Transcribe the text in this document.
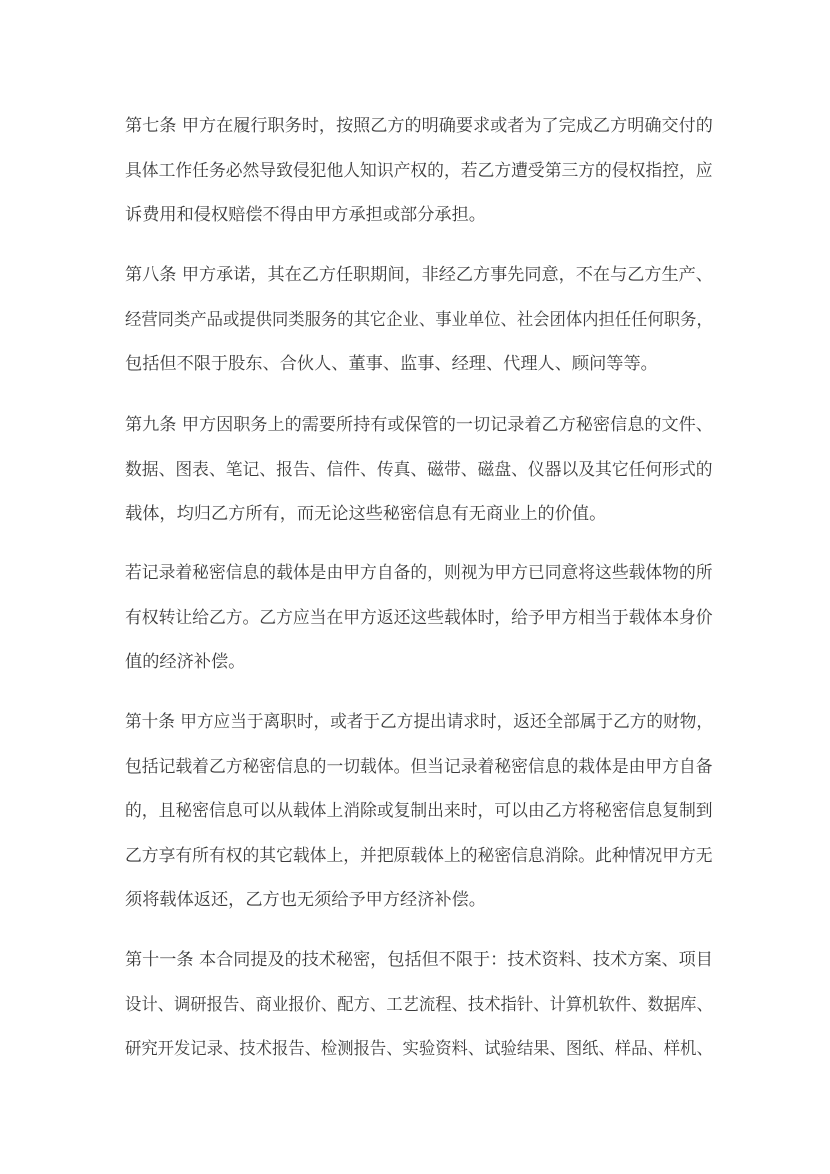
第七条 甲方在履行职务时，按照乙方的明确要求或者为了完成乙方明确交付的
具体工作任务必然导致侵犯他人知识产权的，若乙方遭受第三方的侵权指控，应
诉费用和侵权赔偿不得由甲方承担或部分承担。
第八条 甲方承诺，其在乙方任职期间，非经乙方事先同意，不在与乙方生产、
经营同类产品或提供同类服务的其它企业、事业单位、社会团体内担任任何职务，
包括但不限于股东、合伙人、董事、监事、经理、代理人、顾问等等。
第九条 甲方因职务上的需要所持有或保管的一切记录着乙方秘密信息的文件、
数据、图表、笔记、报告、信件、传真、磁带、磁盘、仪器以及其它任何形式的
载体，均归乙方所有，而无论这些秘密信息有无商业上的价值。
若记录着秘密信息的载体是由甲方自备的，则视为甲方已同意将这些载体物的所
有权转让给乙方。乙方应当在甲方返还这些载体时，给予甲方相当于载体本身价
值的经济补偿。
第十条 甲方应当于离职时，或者于乙方提出请求时，返还全部属于乙方的财物，
包括记载着乙方秘密信息的一切载体。但当记录着秘密信息的栽体是由甲方自备
的，且秘密信息可以从载体上消除或复制出来时，可以由乙方将秘密信息复制到
乙方享有所有权的其它载体上，并把原载体上的秘密信息消除。此种情况甲方无
须将载体返还，乙方也无须给予甲方经济补偿。
第十一条 本合同提及的技术秘密，包括但不限于：技术资料、技术方案、项目
设计、调研报告、商业报价、配方、工艺流程、技术指针、计算机软件、数据库、
研究开发记录、技术报告、检测报告、实验资料、试验结果、图纸、样品、样机、
